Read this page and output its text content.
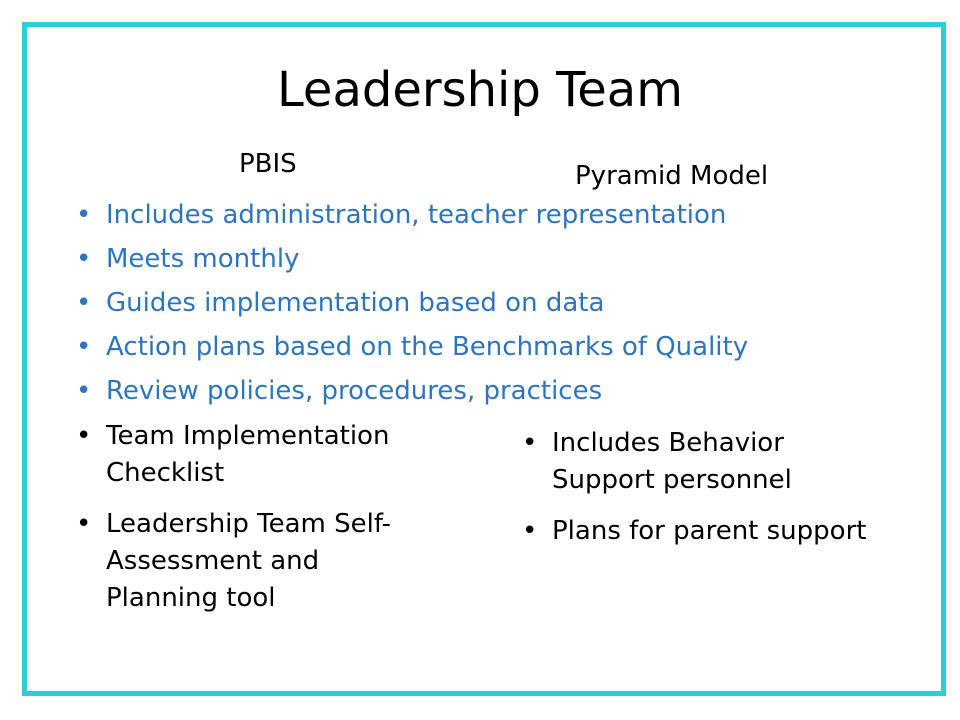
Leadership Team
PBIS	Pyramid Model
• Includes administration, teacher representation
• Meets monthly
• Guides implementation based on data
• Action plans based on the Benchmarks of Quality
• Review policies, procedures, practices
• Team Implementation
Checklist
• Leadership Team Self-
Assessment and
Planning tool
• Includes Behavior
Support personnel
• Plans for parent support
